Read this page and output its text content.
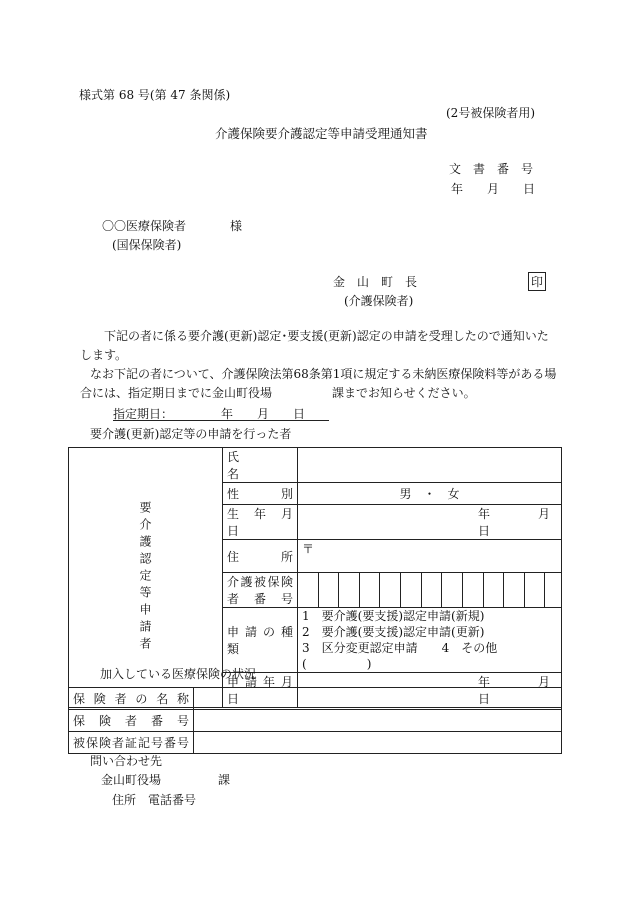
様式第 68 号(第 47 条関係)
(2号被保険者用)
介護保険要介護認定等申請受理通知書
文　書　番　号
年　　月　　日
〇〇医療保険者	様
(国保保険者)
金　山　町　長	印
(介護保険者)
下記の者に係る要介護(更新)認定･要支援(更新)認定の申請を受理したので通知いたします。
なお下記の者について、介護保険法第68条第1項に規定する未納医療保険料等がある場合には、指定期日までに金山町役場　　　　　課までお知らせください。
指定期日：	年　　月　　日
要介護(更新)認定等の申請を行った者
要介護認定等申請者	氏　　　　名													
	性　　　別	男　・　女												
	生　年　月　日	年　　　　月　　　　日												
	住　　　所	〒												
	介護被保険者番号													
	申 請 の 種 類	1　要介護(要支援)認定申請(新規)
2　要介護(要支援)認定申請(更新)
3　区分変更認定申請　　4　その他(　　　　　)												

	申 請 年 月 日	年　　　　月　　　　日												
加入している医療保険の状況
保 険 者 の 名 称	
保　険　者　番　号	
被保険者証記号番号	
問い合わせ先
金山町役場	課
住所 電話番号
